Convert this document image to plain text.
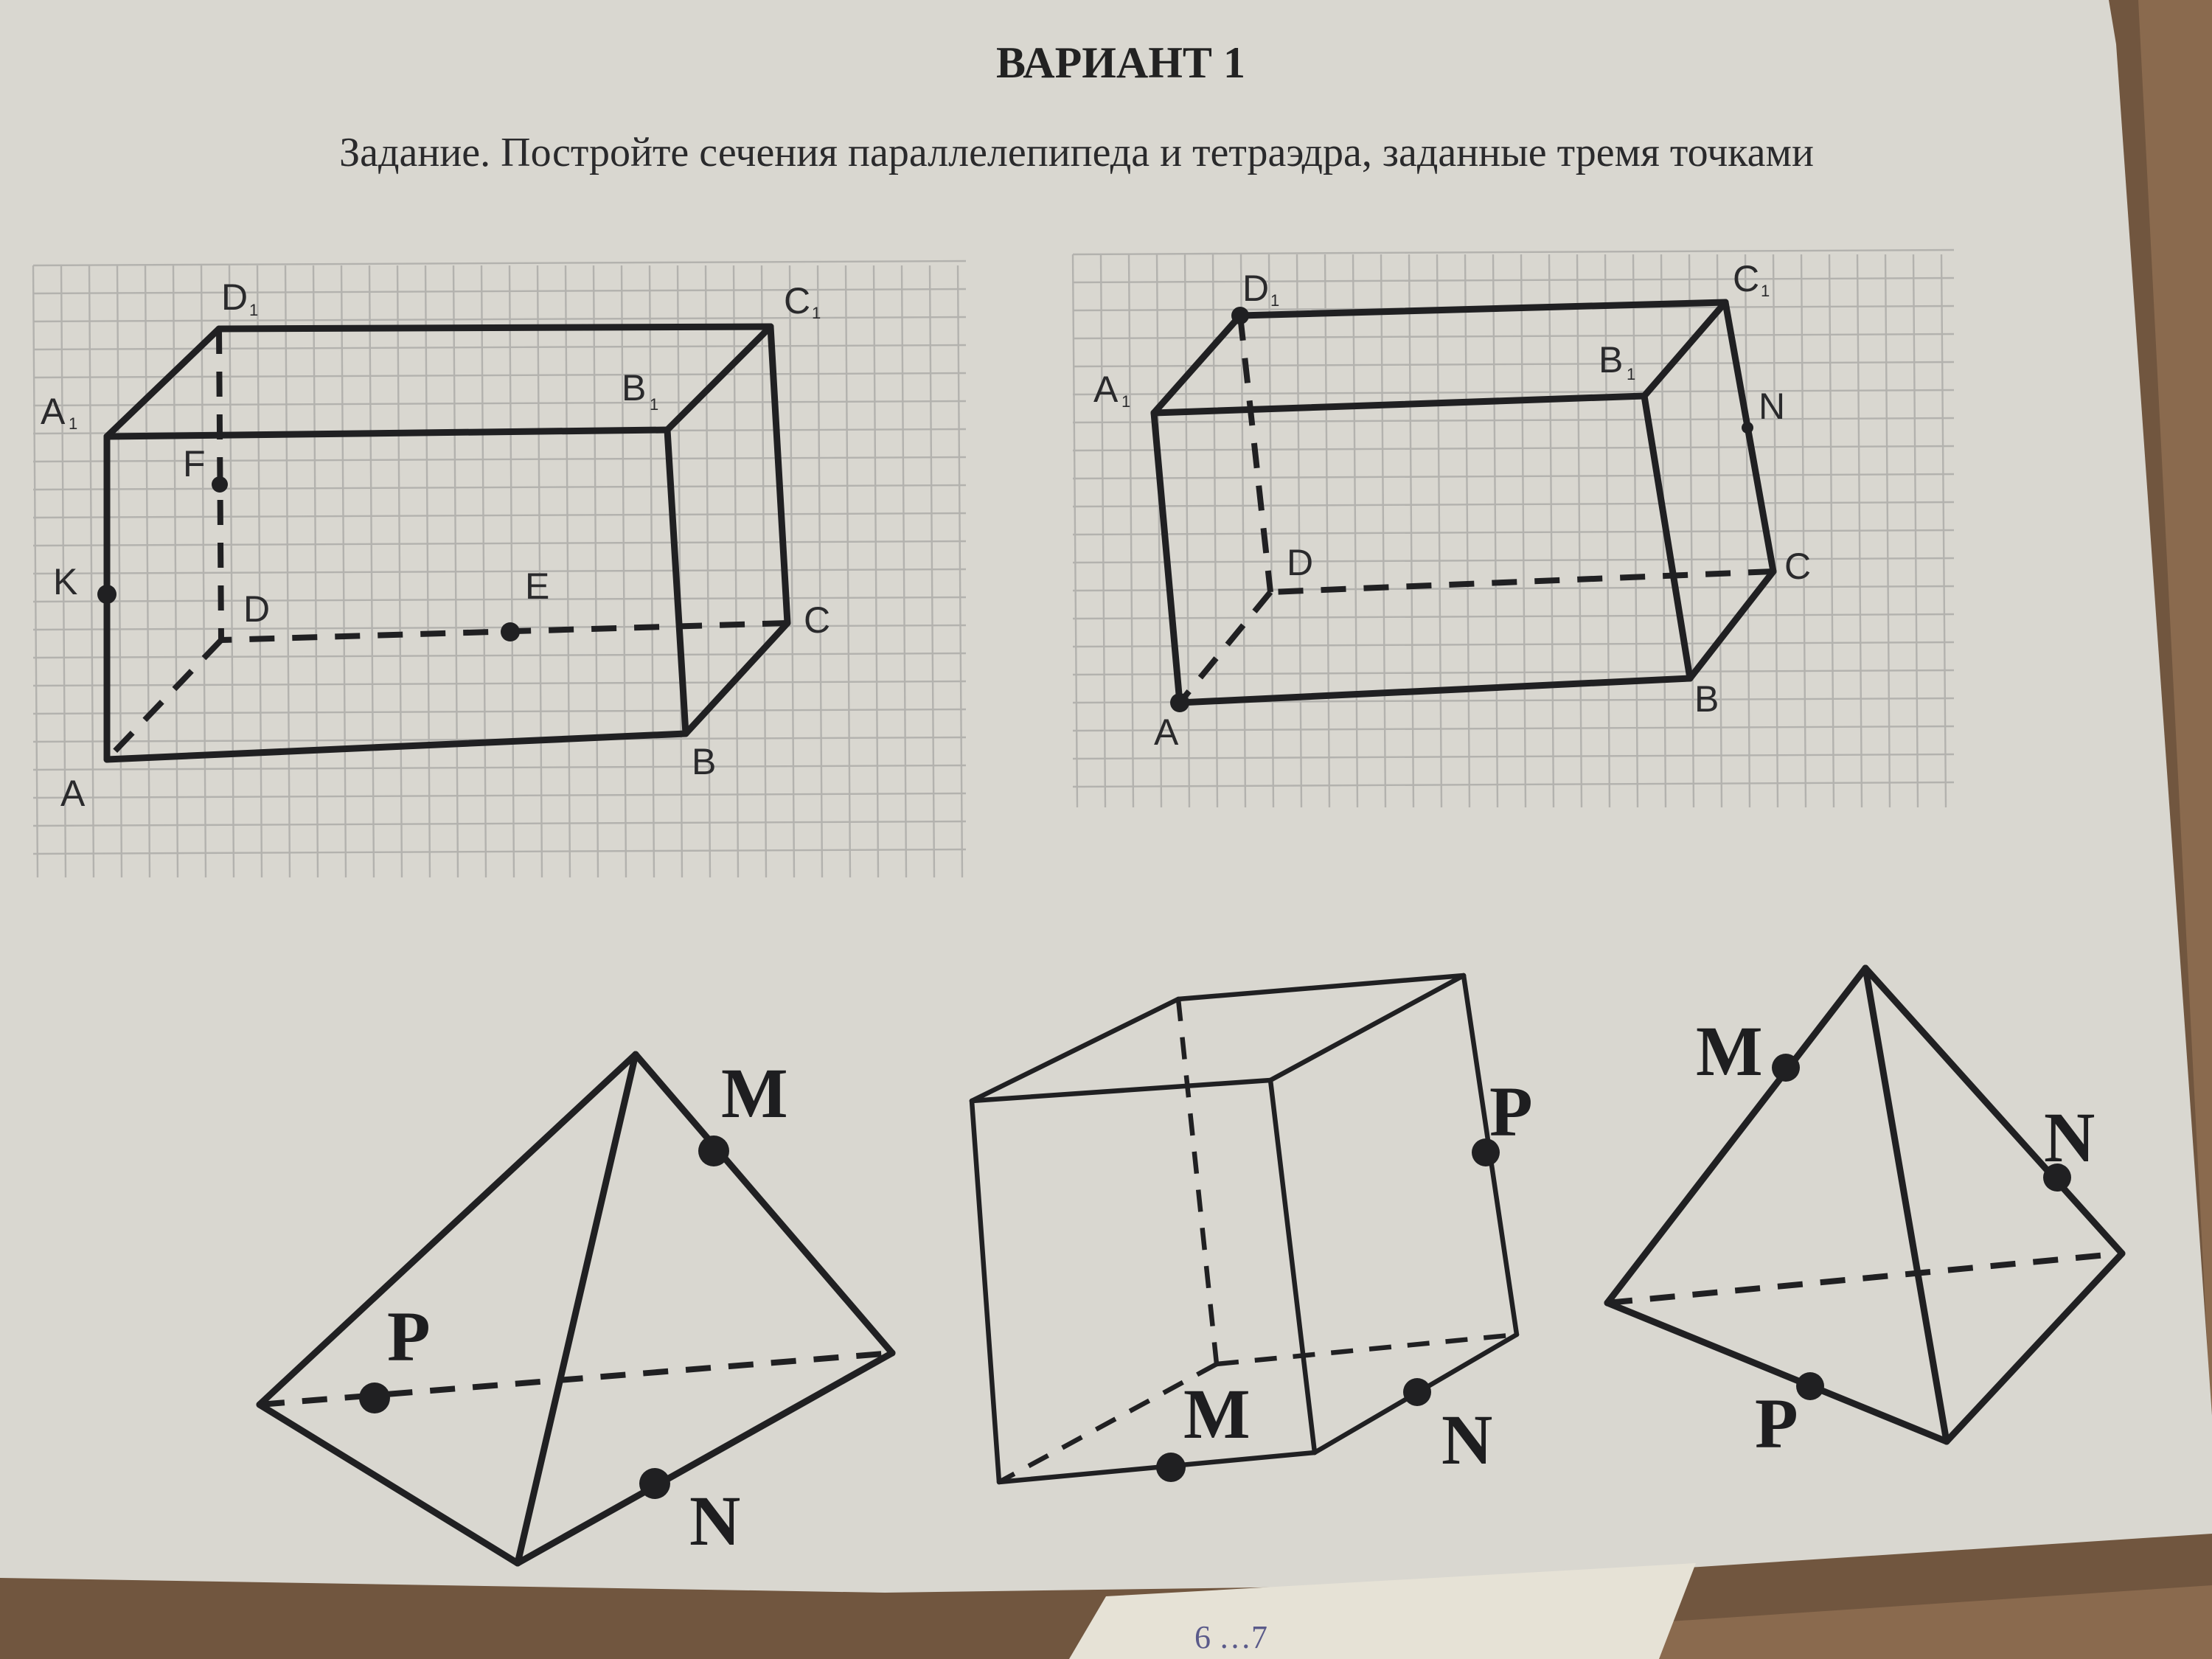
6 …7
ВАРИАНТ 1
Задание. Постройте сечения параллелепипеда и тетраэдра, заданные тремя точками
A
B
C
D
A 1
B 1
C 1
D 1
K
F
E
A
B
C
D
A 1
B 1
C 1
D 1
N
M
P
N
P
M	N
M
N
P
